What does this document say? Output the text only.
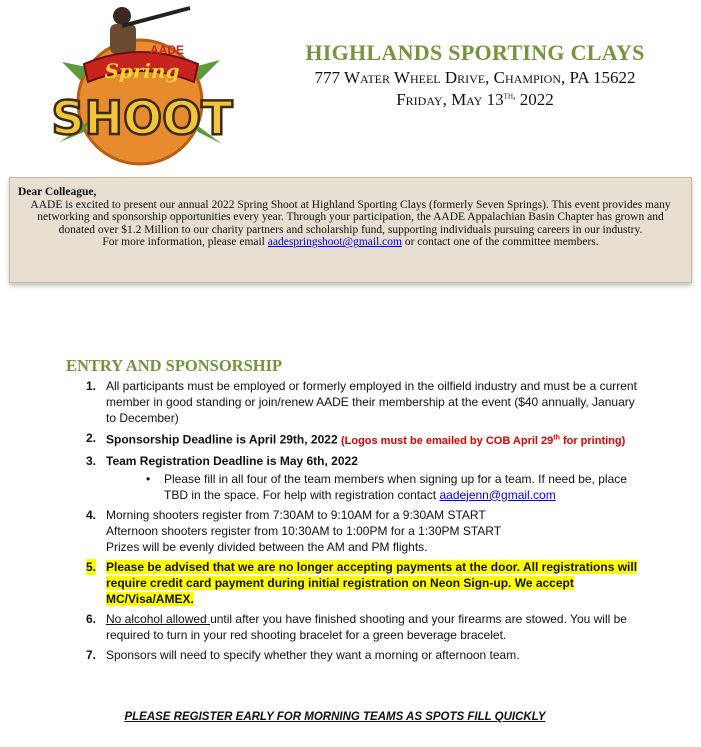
AADE
Spring
SHOOT
HIGHLANDS SPORTING CLAYS
777 Water Wheel Drive, Champion, PA 15622
Friday, May $13^{th,}$ 2022
Dear Colleague,
AADE is excited to present our annual 2022 Spring Shoot at Highland Sporting Clays (formerly Seven Springs). This event provides many networking and sponsorship opportunities every year. Through your participation, the AADE Appalachian Basin Chapter has grown and donated over $1.2 Million to our charity partners and scholarship fund, supporting individuals pursuing careers in our industry.
For more information, please email aadespringshoot@gmail.com or contact one of the committee members.
ENTRY AND SPONSORSHIP
1. All participants must be employed or formerly employed in the oilfield industry and must be a current member in good standing or join/renew AADE their membership at the event ($40 annually, January to December)
2. Sponsorship Deadline is April 29th, 2022 (Logos must be emailed by COB April 29th for printing)
3. Team Registration Deadline is May 6th, 2022
• Please fill in all four of the team members when signing up for a team. If need be, place TBD in the space. For help with registration contact aadejenn@gmail.com
4. Morning shooters register from 7:30AM to 9:10AM for a 9:30AM START
Afternoon shooters register from 10:30AM to 1:00PM for a 1:30PM START
Prizes will be evenly divided between the AM and PM flights.
5. Please be advised that we are no longer accepting payments at the door. All registrations will require credit card payment during initial registration on Neon Sign-up. We accept MC/Visa/AMEX.
6. No alcohol allowed until after you have finished shooting and your firearms are stowed. You will be required to turn in your red shooting bracelet for a green beverage bracelet.
7. Sponsors will need to specify whether they want a morning or afternoon team.
PLEASE REGISTER EARLY FOR MORNING TEAMS AS SPOTS FILL QUICKLY
